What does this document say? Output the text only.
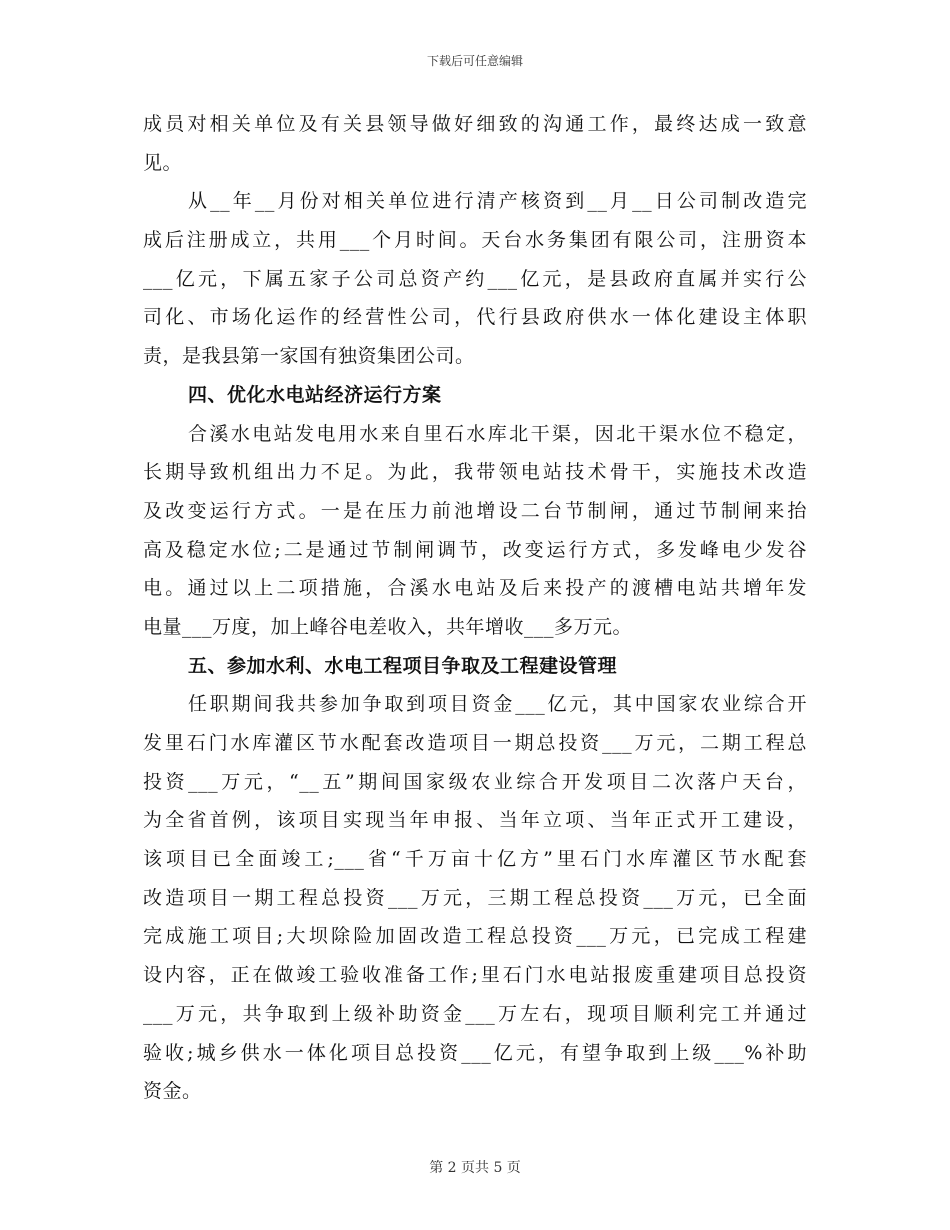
下载后可任意编辑
成员对相关单位及有关县领导做好细致的沟通工作，最终达成一致意
见。
从__年__月份对相关单位进行清产核资到__月__日公司制改造完
成后注册成立，共用___个月时间。天台水务集团有限公司，注册资本
___亿元，下属五家子公司总资产约___亿元，是县政府直属并实行公
司化、市场化运作的经营性公司，代行县政府供水一体化建设主体职
责，是我县第一家国有独资集团公司。
四、优化水电站经济运行方案
合溪水电站发电用水来自里石水库北干渠，因北干渠水位不稳定，
长期导致机组出力不足。为此，我带领电站技术骨干，实施技术改造
及改变运行方式。一是在压力前池增设二台节制闸，通过节制闸来抬
高及稳定水位;二是通过节制闸调节，改变运行方式，多发峰电少发谷
电。通过以上二项措施，合溪水电站及后来投产的渡槽电站共增年发
电量___万度，加上峰谷电差收入，共年增收___多万元。
五、参加水利、水电工程项目争取及工程建设管理
任职期间我共参加争取到项目资金___亿元，其中国家农业综合开
发里石门水库灌区节水配套改造项目一期总投资___万元，二期工程总
投资___万元，“__五”期间国家级农业综合开发项目二次落户天台，
为全省首例，该项目实现当年申报、当年立项、当年正式开工建设，
该项目已全面竣工;___省“千万亩十亿方”里石门水库灌区节水配套
改造项目一期工程总投资___万元，三期工程总投资___万元，已全面
完成施工项目;大坝除险加固改造工程总投资___万元，已完成工程建
设内容，正在做竣工验收准备工作;里石门水电站报废重建项目总投资
___万元，共争取到上级补助资金___万左右，现项目顺利完工并通过
验收;城乡供水一体化项目总投资___亿元，有望争取到上级___%补助
资金。
第 2 页共 5 页
